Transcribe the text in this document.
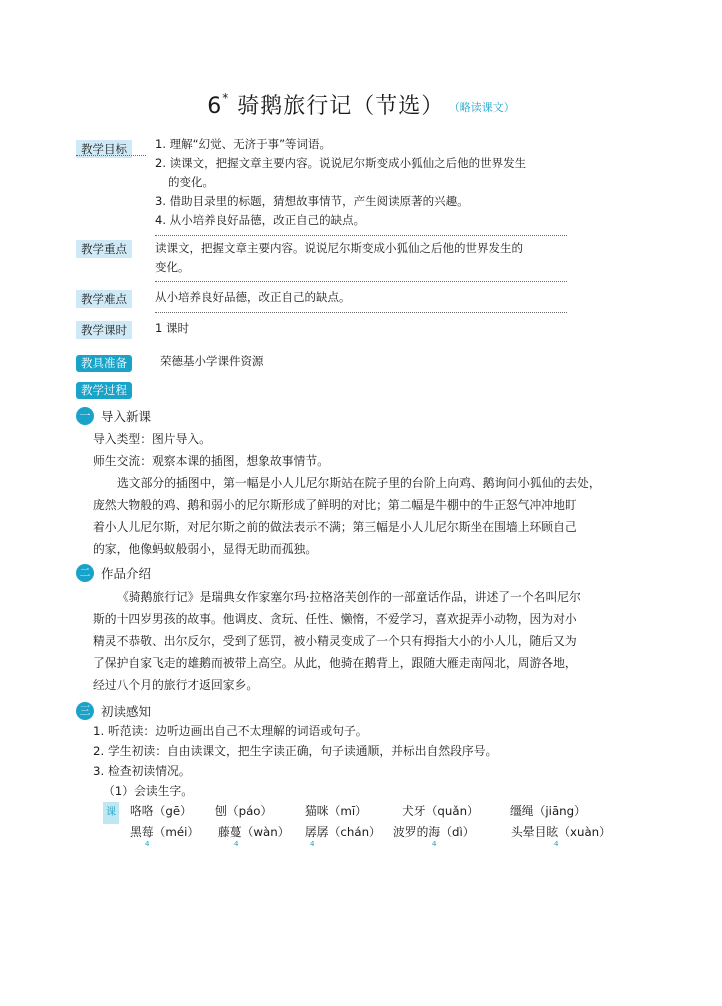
6* 骑鹅旅行记（节选） （略读课文）
教学目标	1. 理解“幻觉、无济于事”等词语。
2. 读课文，把握文章主要内容。说说尼尔斯变成小狐仙之后他的世界发生
的变化。
3. 借助目录里的标题，猜想故事情节，产生阅读原著的兴趣。
4. 从小培养良好品德，改正自己的缺点。
教学重点	读课文，把握文章主要内容。说说尼尔斯变成小狐仙之后他的世界发生的
变化。
教学难点	从小培养良好品德，改正自己的缺点。
教学课时	1 课时
教具准备	荣德基小学课件资源
教学过程
一 导入新课
导入类型：图片导入。
师生交流：观察本课的插图，想象故事情节。
选文部分的插图中，第一幅是小人儿尼尔斯站在院子里的台阶上向鸡、鹅询问小狐仙的去处，
庞然大物般的鸡、鹅和弱小的尼尔斯形成了鲜明的对比；第二幅是牛棚中的牛正怒气冲冲地盯
着小人儿尼尔斯，对尼尔斯之前的做法表示不满；第三幅是小人儿尼尔斯坐在围墙上环顾自己
的家，他像蚂蚁般弱小，显得无助而孤独。
二 作品介绍
《骑鹅旅行记》是瑞典女作家塞尔玛·拉格洛芙创作的一部童话作品，讲述了一个名叫尼尔
斯的十四岁男孩的故事。他调皮、贪玩、任性、懒惰，不爱学习，喜欢捉弄小动物，因为对小
精灵不恭敬、出尔反尔，受到了惩罚，被小精灵变成了一个只有拇指大小的小人儿，随后又为
了保护自家飞走的雄鹅而被带上高空。从此，他骑在鹅背上，跟随大雁走南闯北，周游各地，
经过八个月的旅行才返回家乡。
三 初读感知
1. 听范读：边听边画出自己不太理解的词语或句子。
2. 学生初读：自由读课文，把生字读正确，句子读通顺，并标出自然段序号。
3. 检查初读情况。
（1）会读生字。
课 咯咯（gē） 刨（páo）	猫咪（mī）	犬牙（quǎn）	缰绳（jiāng）
黑莓（méi） 藤蔓（wàn） 孱孱（chán） 波罗的海（dì）	头晕目眩（xuàn）
4	4	4	4	4
